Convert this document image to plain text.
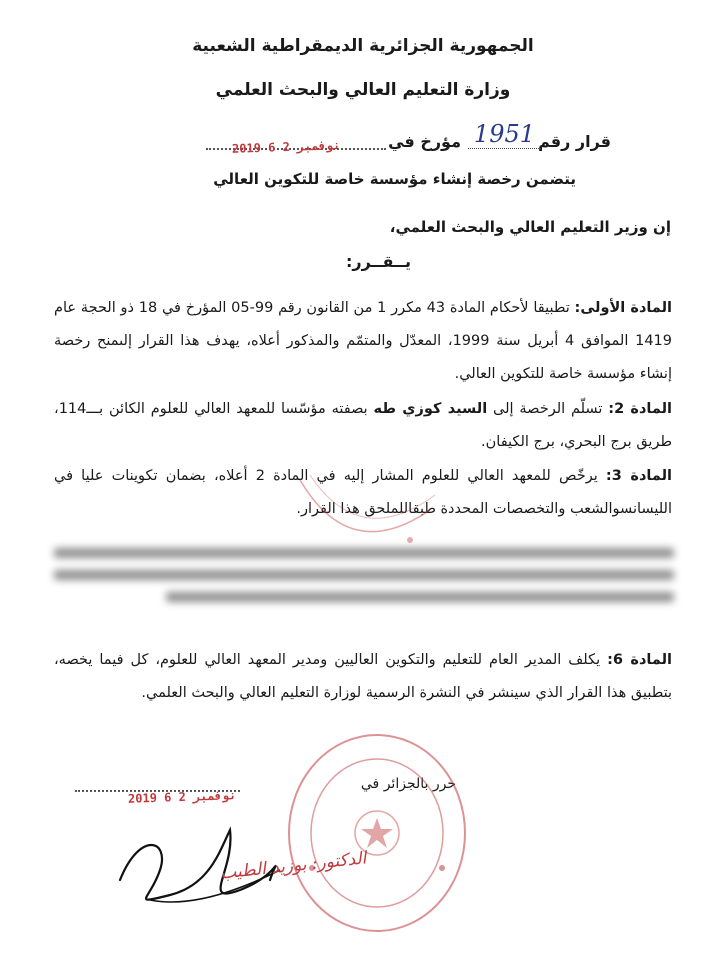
الجمهورية الجزائرية الديمقراطية الشعبية
وزارة التعليم العالي والبحث العلمي
قرار رقم
1951
مؤرخ في
2019 نوفمبر 2 6
يتضمن رخصة إنشاء مؤسسة خاصة للتكوين العالي
إن وزير التعليم العالي والبحث العلمي،
يــقــرر:
المادة الأولى: تطبيقا لأحكام المادة 43 مكرر 1 من القانون رقم 99-05 المؤرخ في 18 ذو الحجة عام 1419 الموافق 4 أبريل سنة 1999، المعدّل والمتمّم والمذكور أعلاه، يهدف هذا القرار إلىمنح رخصة إنشاء مؤسسة خاصة للتكوين العالي.
المادة 2: تسلّم الرخصة إلى السيد كوزي طه بصفته مؤسّسا للمعهد العالي للعلوم الكائن بـــ114، طريق برج البحري، برج الكيفان.
المادة 3: يرخّص للمعهد العالي للعلوم المشار إليه في المادة 2 أعلاه، بضمان تكوينات عليا في الليسانسوالشعب والتخصصات المحددة طبقاللملحق هذا القرار.
المادة 6: يكلف المدير العام للتعليم والتكوين العاليين ومدير المعهد العالي للعلوم، كل فيما يخصه، بتطبيق هذا القرار الذي سينشر في النشرة الرسمية لوزارة التعليم العالي والبحث العلمي.
حرر بالجزائر في
2019 نوفمبر 2 6
الدكتور: بوزيد الطيب
